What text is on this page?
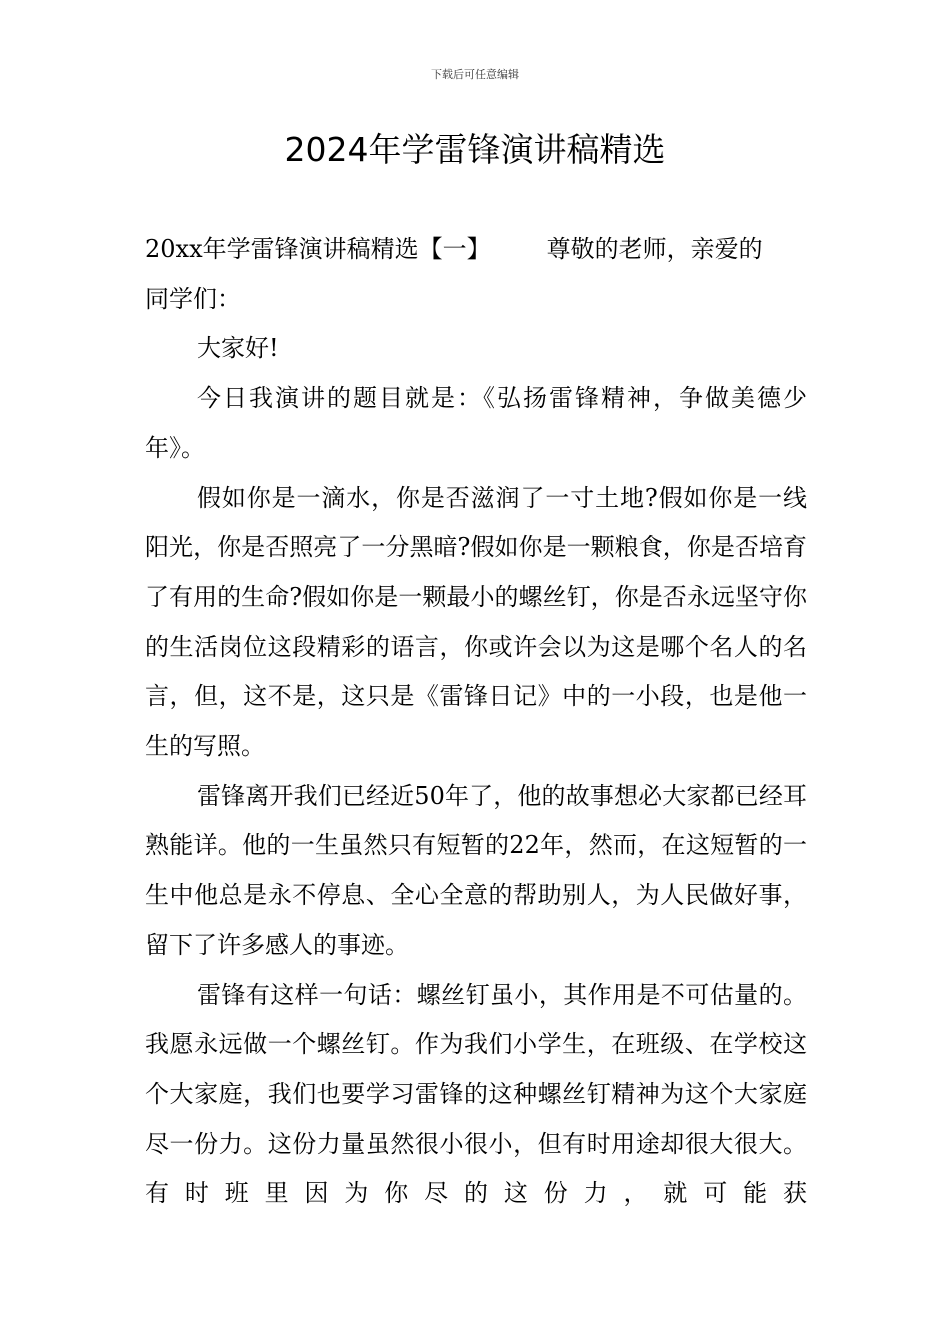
下载后可任意编辑
2024年学雷锋演讲稿精选

20xx年学雷锋演讲稿精选【一】 尊敬的老师，亲爱的
同学们：

大家好!

今日我演讲的题目就是：《弘扬雷锋精神，争做美德少年》。

假如你是一滴水，你是否滋润了一寸土地?假如你是一线阳光，你是否照亮了一分黑暗?假如你是一颗粮食，你是否培育了有用的生命?假如你是一颗最小的螺丝钉，你是否永远坚守你的生活岗位这段精彩的语言，你或许会以为这是哪个名人的名言，但，这不是，这只是《雷锋日记》中的一小段，也是他一生的写照。

雷锋离开我们已经近50年了，他的故事想必大家都已经耳熟能详。他的一生虽然只有短暂的22年，然而，在这短暂的一生中他总是永不停息、全心全意的帮助别人，为人民做好事，留下了许多感人的事迹。

雷锋有这样一句话：螺丝钉虽小，其作用是不可估量的。我愿永远做一个螺丝钉。作为我们小学生，在班级、在学校这个大家庭，我们也要学习雷锋的这种螺丝钉精神为这个大家庭尽一份力。这份力量虽然很小很小，但有时用途却很大很大。有时班里因为你尽的这份力，就可能获
